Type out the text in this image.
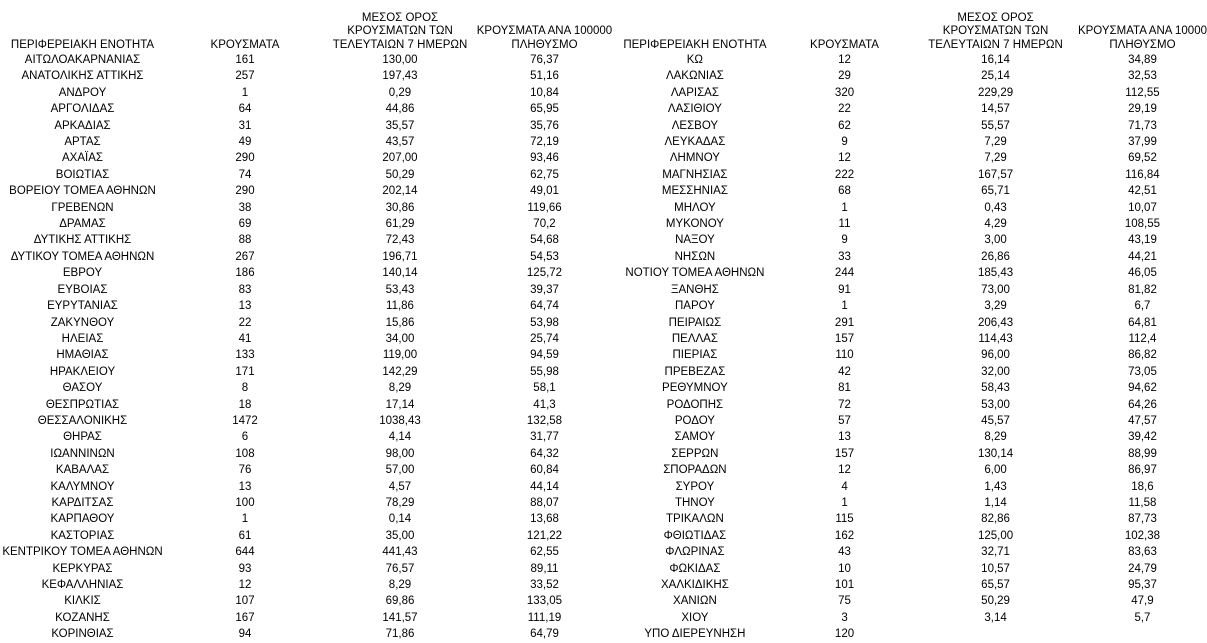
ΠΕΡΙΦΕΡΕΙΑΚΗ ΕΝΟΤΗΤΑ	ΚΡΟΥΣΜΑΤΑ	ΜΕΣΟΣ ΟΡΟΣ
ΚΡΟΥΣΜΑΤΩΝ ΤΩΝ
ΤΕΛΕΥΤΑΙΩΝ 7 ΗΜΕΡΩΝ	ΚΡΟΥΣΜΑΤΑ ΑΝΑ 100000
ΠΛΗΘΥΣΜΟ
ΑΙΤΩΛΟΑΚΑΡΝΑΝΙΑΣ	161	130,00	76,37
ΑΝΑΤΟΛΙΚΗΣ ΑΤΤΙΚΗΣ	257	197,43	51,16
ΑΝΔΡΟΥ	1	0,29	10,84
ΑΡΓΟΛΙΔΑΣ	64	44,86	65,95
ΑΡΚΑΔΙΑΣ	31	35,57	35,76
ΑΡΤΑΣ	49	43,57	72,19
ΑΧΑΪΑΣ	290	207,00	93,46
ΒΟΙΩΤΙΑΣ	74	50,29	62,75
ΒΟΡΕΙΟΥ ΤΟΜΕΑ ΑΘΗΝΩΝ	290	202,14	49,01
ΓΡΕΒΕΝΩΝ	38	30,86	119,66
ΔΡΑΜΑΣ	69	61,29	70,2
ΔΥΤΙΚΗΣ ΑΤΤΙΚΗΣ	88	72,43	54,68
ΔΥΤΙΚΟΥ ΤΟΜΕΑ ΑΘΗΝΩΝ	267	196,71	54,53
ΕΒΡΟΥ	186	140,14	125,72
ΕΥΒΟΙΑΣ	83	53,43	39,37
ΕΥΡΥΤΑΝΙΑΣ	13	11,86	64,74
ΖΑΚΥΝΘΟΥ	22	15,86	53,98
ΗΛΕΙΑΣ	41	34,00	25,74
ΗΜΑΘΙΑΣ	133	119,00	94,59
ΗΡΑΚΛΕΙΟΥ	171	142,29	55,98
ΘΑΣΟΥ	8	8,29	58,1
ΘΕΣΠΡΩΤΙΑΣ	18	17,14	41,3
ΘΕΣΣΑΛΟΝΙΚΗΣ	1472	1038,43	132,58
ΘΗΡΑΣ	6	4,14	31,77
ΙΩΑΝΝΙΝΩΝ	108	98,00	64,32
ΚΑΒΑΛΑΣ	76	57,00	60,84
ΚΑΛΥΜΝΟΥ	13	4,57	44,14
ΚΑΡΔΙΤΣΑΣ	100	78,29	88,07
ΚΑΡΠΑΘΟΥ	1	0,14	13,68
ΚΑΣΤΟΡΙΑΣ	61	35,00	121,22
ΚΕΝΤΡΙΚΟΥ ΤΟΜΕΑ ΑΘΗΝΩΝ	644	441,43	62,55
ΚΕΡΚΥΡΑΣ	93	76,57	89,11
ΚΕΦΑΛΛΗΝΙΑΣ	12	8,29	33,52
ΚΙΛΚΙΣ	107	69,86	133,05
ΚΟΖΑΝΗΣ	167	141,57	111,19
ΚΟΡΙΝΘΙΑΣ	94	71,86	64,79
ΠΕΡΙΦΕΡΕΙΑΚΗ ΕΝΟΤΗΤΑ	ΚΡΟΥΣΜΑΤΑ	ΜΕΣΟΣ ΟΡΟΣ
ΚΡΟΥΣΜΑΤΩΝ ΤΩΝ
ΤΕΛΕΥΤΑΙΩΝ 7 ΗΜΕΡΩΝ	ΚΡΟΥΣΜΑΤΑ ΑΝΑ 10000
ΠΛΗΘΥΣΜΟ
ΚΩ	12	16,14	34,89
ΛΑΚΩΝΙΑΣ	29	25,14	32,53
ΛΑΡΙΣΑΣ	320	229,29	112,55
ΛΑΣΙΘΙΟΥ	22	14,57	29,19
ΛΕΣΒΟΥ	62	55,57	71,73
ΛΕΥΚΑΔΑΣ	9	7,29	37,99
ΛΗΜΝΟΥ	12	7,29	69,52
ΜΑΓΝΗΣΙΑΣ	222	167,57	116,84
ΜΕΣΣΗΝΙΑΣ	68	65,71	42,51
ΜΗΛΟΥ	1	0,43	10,07
ΜΥΚΟΝΟΥ	11	4,29	108,55
ΝΑΞΟΥ	9	3,00	43,19
ΝΗΣΩΝ	33	26,86	44,21
ΝΟΤΙΟΥ ΤΟΜΕΑ ΑΘΗΝΩΝ	244	185,43	46,05
ΞΑΝΘΗΣ	91	73,00	81,82
ΠΑΡΟΥ	1	3,29	6,7
ΠΕΙΡΑΙΩΣ	291	206,43	64,81
ΠΕΛΛΑΣ	157	114,43	112,4
ΠΙΕΡΙΑΣ	110	96,00	86,82
ΠΡΕΒΕΖΑΣ	42	32,00	73,05
ΡΕΘΥΜΝΟΥ	81	58,43	94,62
ΡΟΔΟΠΗΣ	72	53,00	64,26
ΡΟΔΟΥ	57	45,57	47,57
ΣΑΜΟΥ	13	8,29	39,42
ΣΕΡΡΩΝ	157	130,14	88,99
ΣΠΟΡΑΔΩΝ	12	6,00	86,97
ΣΥΡΟΥ	4	1,43	18,6
ΤΗΝΟΥ	1	1,14	11,58
ΤΡΙΚΑΛΩΝ	115	82,86	87,73
ΦΘΙΩΤΙΔΑΣ	162	125,00	102,38
ΦΛΩΡΙΝΑΣ	43	32,71	83,63
ΦΩΚΙΔΑΣ	10	10,57	24,79
ΧΑΛΚΙΔΙΚΗΣ	101	65,57	95,37
ΧΑΝΙΩΝ	75	50,29	47,9
ΧΙΟΥ	3	3,14	5,7
ΥΠΟ ΔΙΕΡΕΥΝΗΣΗ	120		
